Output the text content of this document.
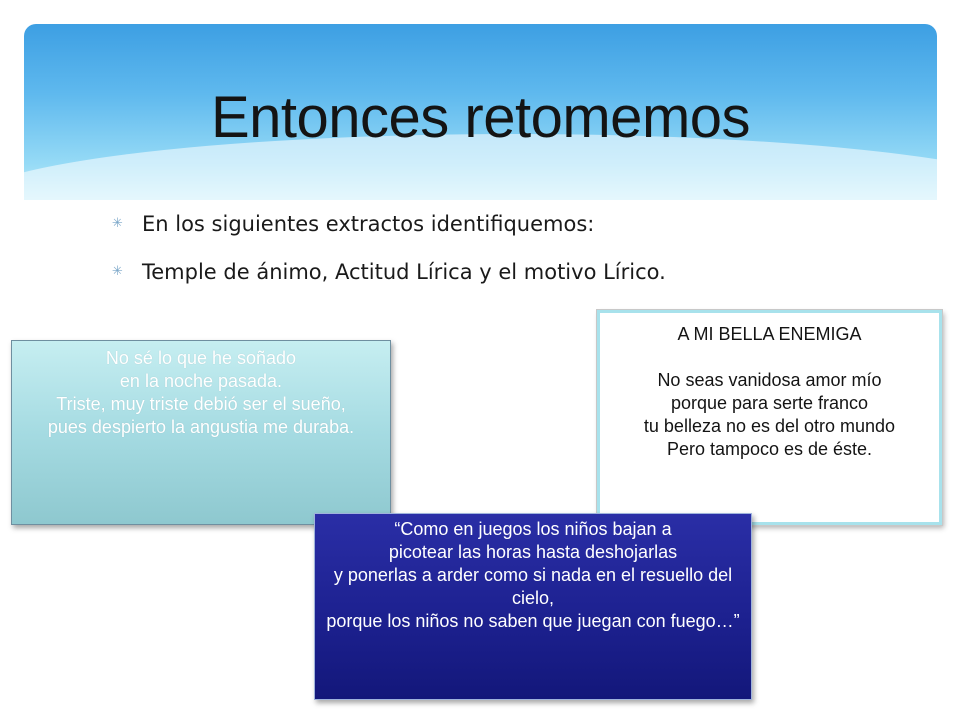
Entonces retomemos
✳ En los siguientes extractos identifiquemos:
✳ Temple de ánimo, Actitud Lírica y el motivo Lírico.
No sé lo que he soñado
en la noche pasada.
Triste, muy triste debió ser el sueño,
pues despierto la angustia me duraba.
A MI BELLA ENEMIGA

No seas vanidosa amor mío
porque para serte franco
tu belleza no es del otro mundo
Pero tampoco es de éste.
“Como en juegos los niños bajan a
picotear las horas hasta deshojarlas
y ponerlas a arder como si nada en el resuello del cielo,
porque los niños no saben que juegan con fuego…”
